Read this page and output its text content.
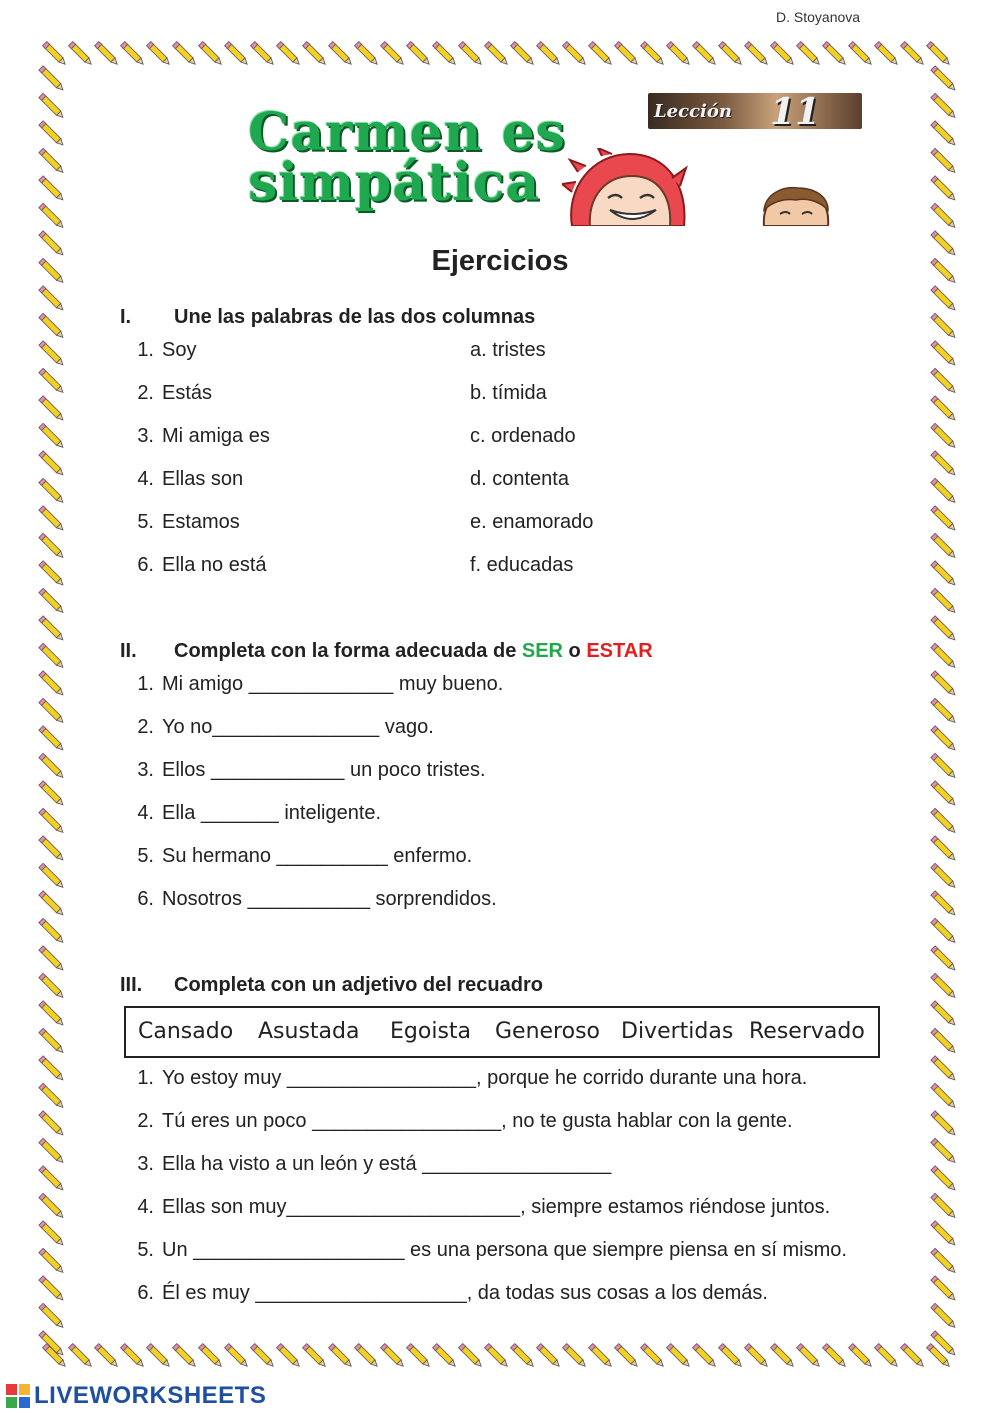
D. Stoyanova
Carmen es
simpática
Lección 11
Ejercicios
I. Une las palabras de las dos columnas
1. Soy
2. Estás
3. Mi amiga es
4. Ellas son
5. Estamos
6. Ella no está
a. tristes
b. tímida
c. ordenado
d. contenta
e. enamorado
f. educadas
II. Completa con la forma adecuada de SER o ESTAR
1. Mi amigo _____________ muy bueno.
2. Yo no_______________ vago.
3. Ellos ____________ un poco tristes.
4. Ella _______ inteligente.
5. Su hermano __________ enfermo.
6. Nosotros ___________ sorprendidos.
III. Completa con un adjetivo del recuadro
Cansado Asustada Egoista Generoso Divertidas Reservado
1. Yo estoy muy _________________, porque he corrido durante una hora.
2. Tú eres un poco _________________, no te gusta hablar con la gente.
3. Ella ha visto a un león y está _________________
4. Ellas son muy_____________________, siempre estamos riéndose juntos.
5. Un ___________________ es una persona que siempre piensa en sí mismo.
6. Él es muy ___________________, da todas sus cosas a los demás.
LIVEWORKSHEETS
